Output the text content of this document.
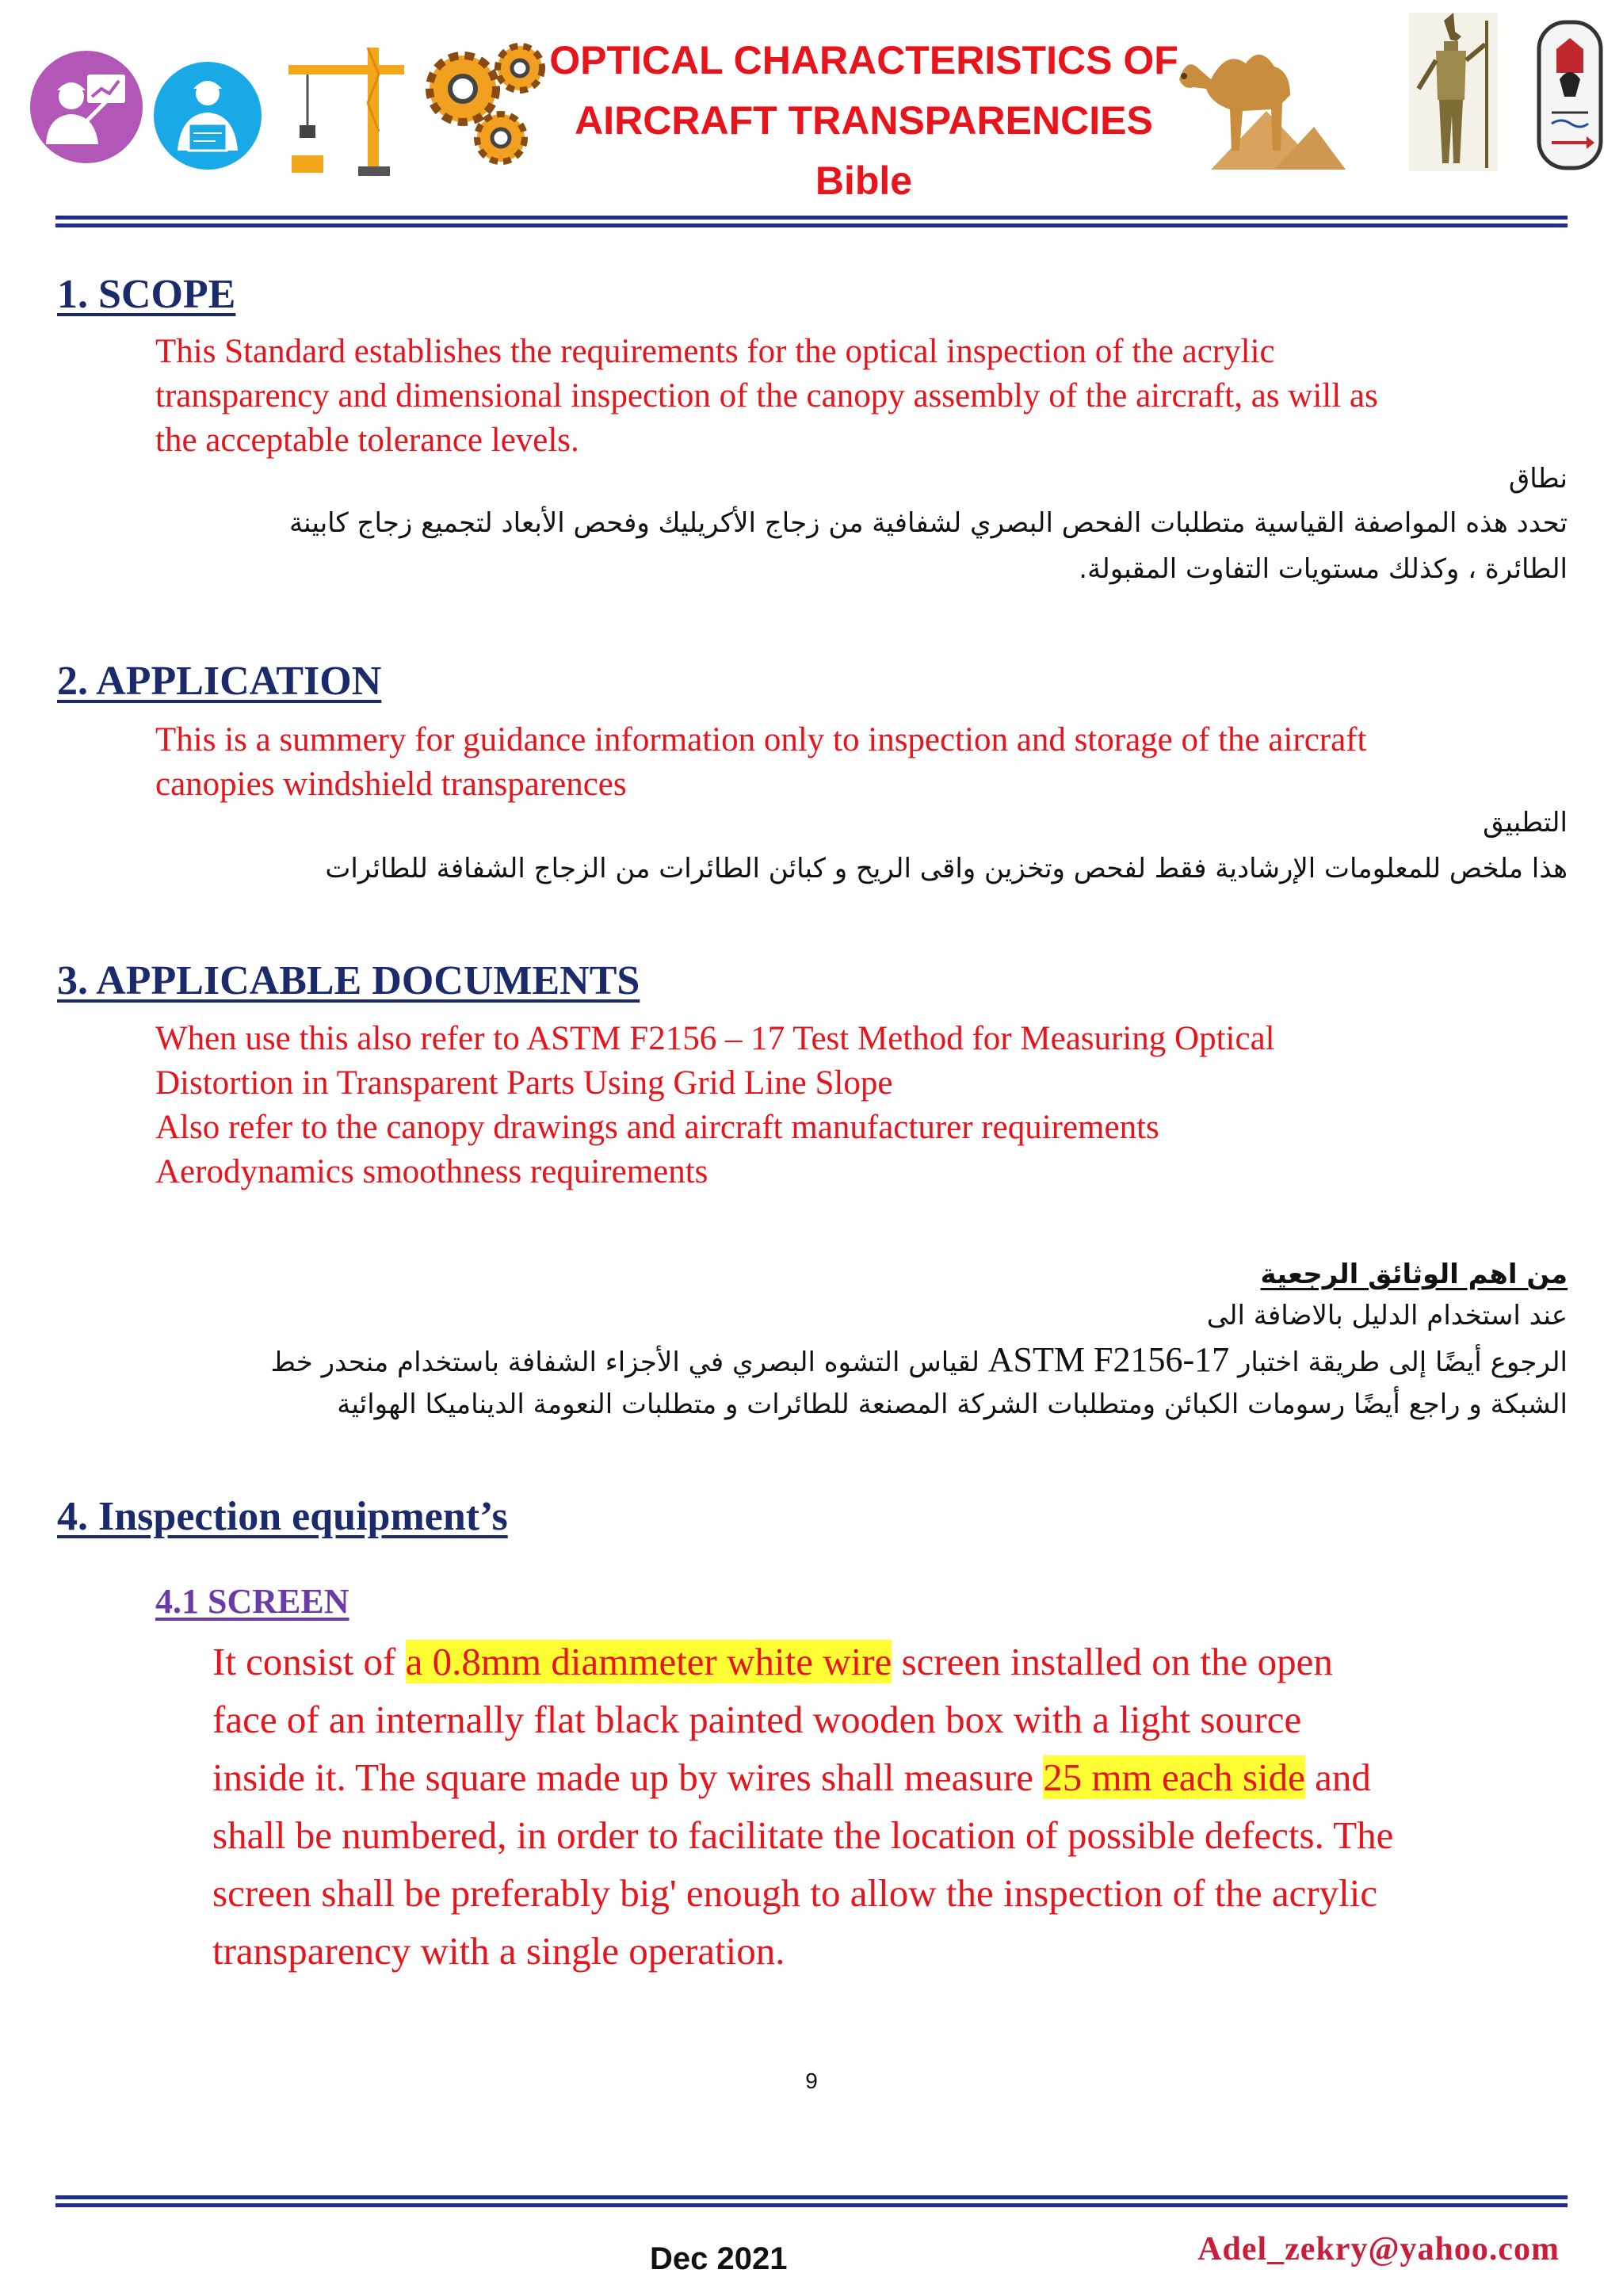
OPTICAL CHARACTERISTICS OF
AIRCRAFT TRANSPARENCIES
Bible
1. SCOPE

This Standard establishes the requirements for the optical inspection of the acrylic

transparency and dimensional inspection of the canopy assembly of the aircraft, as will as

the acceptable tolerance levels.

نطاق
تحدد هذه المواصفة القياسية متطلبات الفحص البصري لشفافية من زجاج الأكريليك وفحص الأبعاد لتجميع زجاج كابينة
الطائرة ، وكذلك مستويات التفاوت المقبولة.
2. APPLICATION

This is a summery for guidance information only to inspection and storage of the aircraft

canopies windshield transparences

التطبيق
هذا ملخص للمعلومات الإرشادية فقط لفحص وتخزين واقى الريح و كبائن الطائرات من الزجاج الشفافة للطائرات
3. APPLICABLE DOCUMENTS

When use this also refer to ASTM F2156 – 17 Test Method for Measuring Optical

Distortion in Transparent Parts Using Grid Line Slope

Also refer to the canopy drawings and aircraft manufacturer requirements

Aerodynamics smoothness requirements

من اهم الوثائق الرجعية
عند استخدام الدليل بالاضافة الى
الرجوع أيضًا إلى طريقة اختبار ASTM F2156-17 لقياس التشوه البصري في الأجزاء الشفافة باستخدام منحدر خط
الشبكة و راجع أيضًا رسومات الكبائن ومتطلبات الشركة المصنعة للطائرات و متطلبات النعومة الديناميكا الهوائية
4. Inspection equipment’s
4.1 SCREEN

It consist of a 0.8mm diammeter white wire screen installed on the open

face of an internally flat black painted wooden box with a light source

inside it. The square made up by wires shall measure 25 mm each side and

shall be numbered, in order to facilitate the location of possible defects. The

screen shall be preferably big' enough to allow the inspection of the acrylic

transparency with a single operation.

9
Dec 2021	Adel_zekry@yahoo.com
